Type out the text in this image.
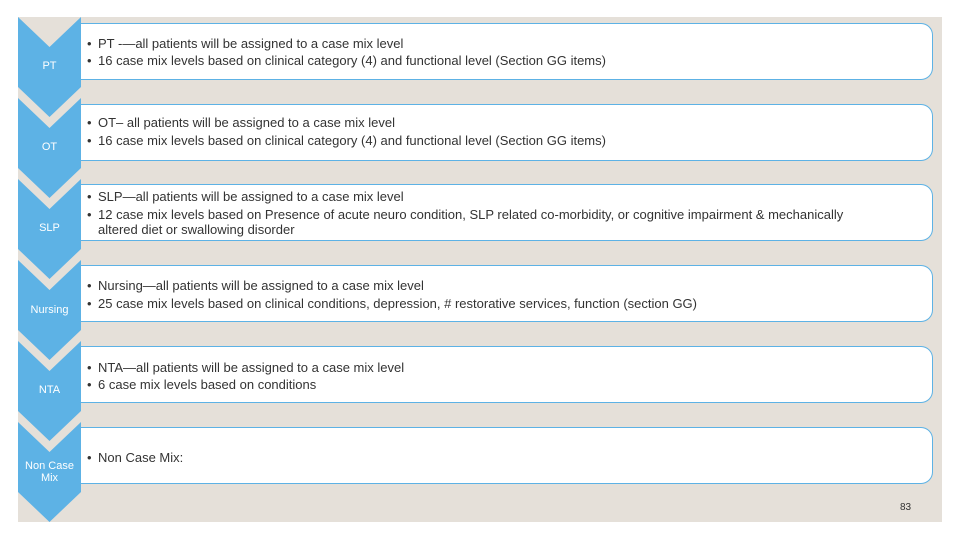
PT
OT
SLP
Nursing
NTA
Non Case Mix
• PT -—all patients will be assigned to a case mix level
• 16 case mix levels based on clinical category (4) and functional level (Section GG items)
• OT– all patients will be assigned to a case mix level
• 16 case mix levels based on clinical category (4) and functional level (Section GG items)
• SLP—all patients will be assigned to a case mix level
• 12 case mix levels based on Presence of acute neuro condition, SLP related co-morbidity, or cognitive impairment & mechanically
altered diet or swallowing disorder
• Nursing—all patients will be assigned to a case mix level
• 25 case mix levels based on clinical conditions, depression, # restorative services, function (section GG)
• NTA—all patients will be assigned to a case mix level
• 6 case mix levels based on conditions
• Non Case Mix:
83
